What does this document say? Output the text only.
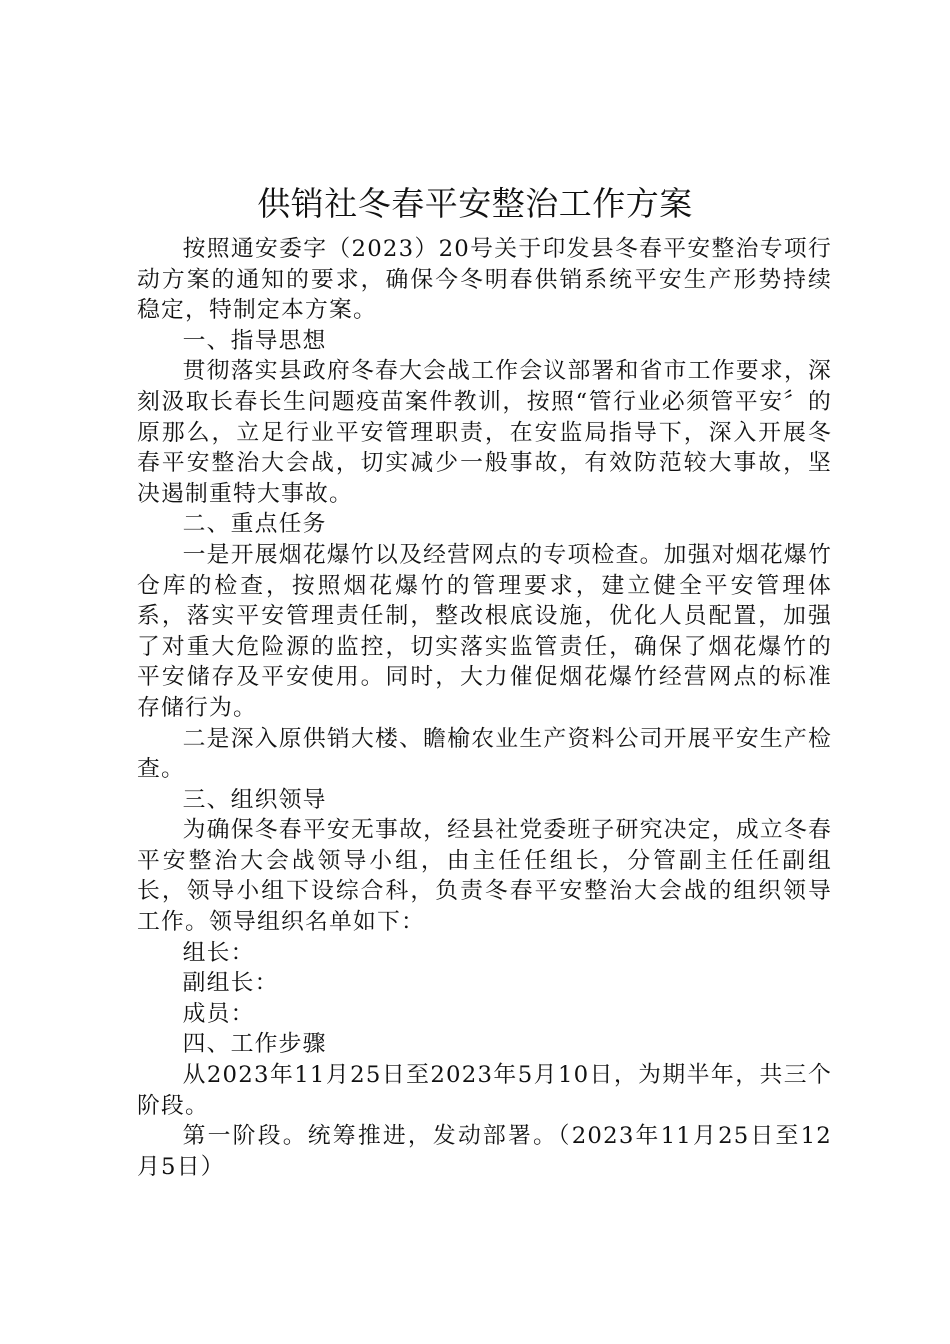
供销社冬春平安整治工作方案

按照通安委字（2023）20号关于印发县冬春平安整治专项行动方案的通知的要求，确保今冬明春供销系统平安生产形势持续稳定，特制定本方案。

一、指导思想

贯彻落实县政府冬春大会战工作会议部署和省市工作要求，深刻汲取长春长生问题疫苗案件教训，按照“管行业必须管平安〞的原那么，立足行业平安管理职责，在安监局指导下，深入开展冬春平安整治大会战，切实减少一般事故，有效防范较大事故，坚决遏制重特大事故。

二、重点任务

一是开展烟花爆竹以及经营网点的专项检查。加强对烟花爆竹仓库的检查，按照烟花爆竹的管理要求，建立健全平安管理体系，落实平安管理责任制，整改根底设施，优化人员配置，加强了对重大危险源的监控，切实落实监管责任，确保了烟花爆竹的平安储存及平安使用。同时，大力催促烟花爆竹经营网点的标准存储行为。

二是深入原供销大楼、瞻榆农业生产资料公司开展平安生产检查。

三、组织领导

为确保冬春平安无事故，经县社党委班子研究决定，成立冬春平安整治大会战领导小组，由主任任组长，分管副主任任副组长，领导小组下设综合科，负责冬春平安整治大会战的组织领导工作。领导组织名单如下：

组长：

副组长：

成员：

四、工作步骤

从2023年11月25日至2023年5月10日，为期半年，共三个阶段。

第一阶段。统筹推进，发动部署。（2023年11月25日至12月5日）
